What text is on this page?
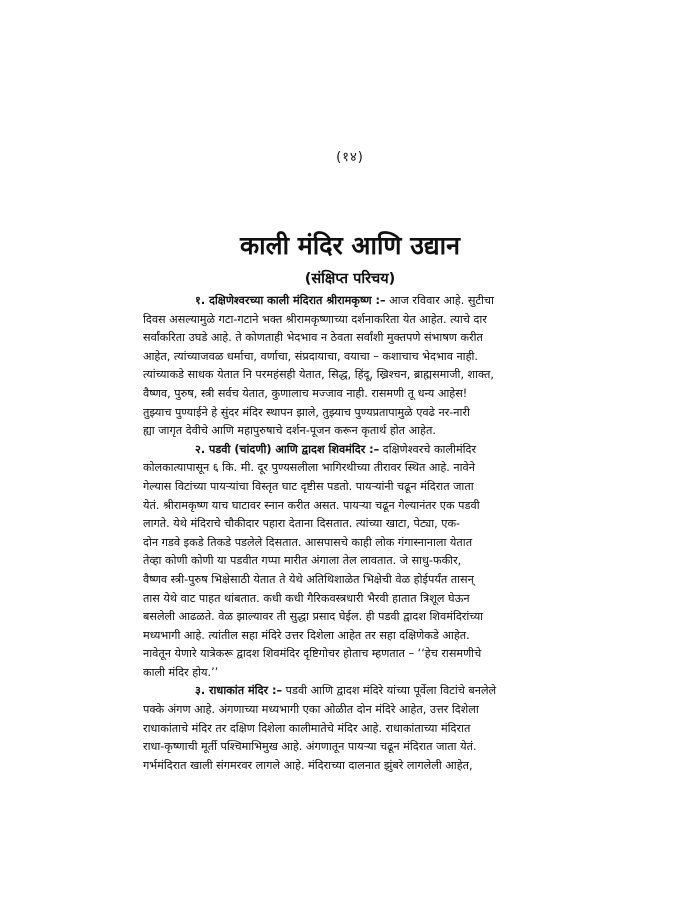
(१४)
काली मंदिर आणि उद्यान
(संक्षिप्त परिचय)
१. दक्षिणेश्वरच्या काली मंदिरात श्रीरामकृष्ण :– आज रविवार आहे. सुटीचा
दिवस असल्यामुळे गटा-गटाने भक्त श्रीरामकृष्णाच्या दर्शनाकरिता येत आहेत. त्याचे दार
सर्वांकरिता उघडे आहे. ते कोणताही भेदभाव न ठेवता सर्वांशी मुक्तपणे संभाषण करीत
आहेत, त्यांच्याजवळ धर्माचा, वर्णाचा, संप्रदायाचा, वयाचा – कशाचाच भेदभाव नाही.
त्यांच्याकडे साधक येतात नि परमहंसही येतात, सिद्ध, हिंदू, ख्रिश्चन, ब्राह्मसमाजी, शाक्त,
वैष्णव, पुरुष, स्त्री सर्वच येतात, कुणालाच मज्जाव नाही. रासमणी तू धन्य आहेस!
तुझ्याच पुण्याईने हे सुंदर मंदिर स्थापन झाले, तुझ्याच पुण्यप्रतापामुळे एवढे नर-नारी
ह्या जागृत देवीचे आणि महापुरुषाचे दर्शन-पूजन करून कृतार्थ होत आहेत.
२. पडवी (चांदणी) आणि द्वादश शिवमंदिर :– दक्षिणेश्वरचे कालीमंदिर
कोलकात्यापासून ६ कि. मी. दूर पुण्यसलीला भागिरथीच्या तीरावर स्थित आहे. नावेने
गेल्यास विटांच्या पायऱ्यांचा विस्तृत घाट दृष्टीस पडतो. पायऱ्यांनी चढून मंदिरात जाता
येतं. श्रीरामकृष्ण याच घाटावर स्नान करीत असत. पायऱ्या चढून गेल्यानंतर एक पडवी
लागते. येथे मंदिराचे चौकीदार पहारा देताना दिसतात. त्यांच्या खाटा, पेट्या, एक-
दोन गडवे इकडे तिकडे पडलेले दिसतात. आसपासचे काही लोक गंगास्नानाला येतात
तेव्हा कोणी कोणी या पडवीत गप्पा मारीत अंगाला तेल लावतात. जे साधु-फकीर,
वैष्णव स्त्री-पुरुष भिक्षेसाठी येतात ते येथे अतिथिशाळेत भिक्षेची वेळ होईपर्यंत तासन्
तास येथे वाट पाहत थांबतात. कधी कधी गैरिकवस्त्रधारी भैरवी हातात त्रिशूल घेऊन
बसलेली आढळते. वेळ झाल्यावर ती सुद्धा प्रसाद घेईल. ही पडवी द्वादश शिवमंदिरांच्या
मध्यभागी आहे. त्यांतील सहा मंदिरे उत्तर दिशेला आहेत तर सहा दक्षिणेकडे आहेत.
नावेतून येणारे यात्रेकरू द्वादश शिवमंदिर दृष्टिगोचर होताच म्हणतात – ‘‘हेच रासमणीचे
काली मंदिर होय.’’
३. राधाकांत मंदिर :– पडवी आणि द्वादश मंदिरे यांच्या पूर्वेला विटांचे बनलेले
पक्के अंगण आहे. अंगणाच्या मध्यभागी एका ओळीत दोन मंदिरे आहेत, उत्तर दिशेला
राधाकांताचे मंदिर तर दक्षिण दिशेला कालीमातेचे मंदिर आहे. राधाकांताच्या मंदिरात
राधा-कृष्णाची मूर्ती पश्चिमाभिमुख आहे. अंगणातून पायऱ्या चढून मंदिरात जाता येतं.
गर्भमंदिरात खाली संगमरवर लागले आहे. मंदिराच्या दालनात झुंबरे लागलेली आहेत,
